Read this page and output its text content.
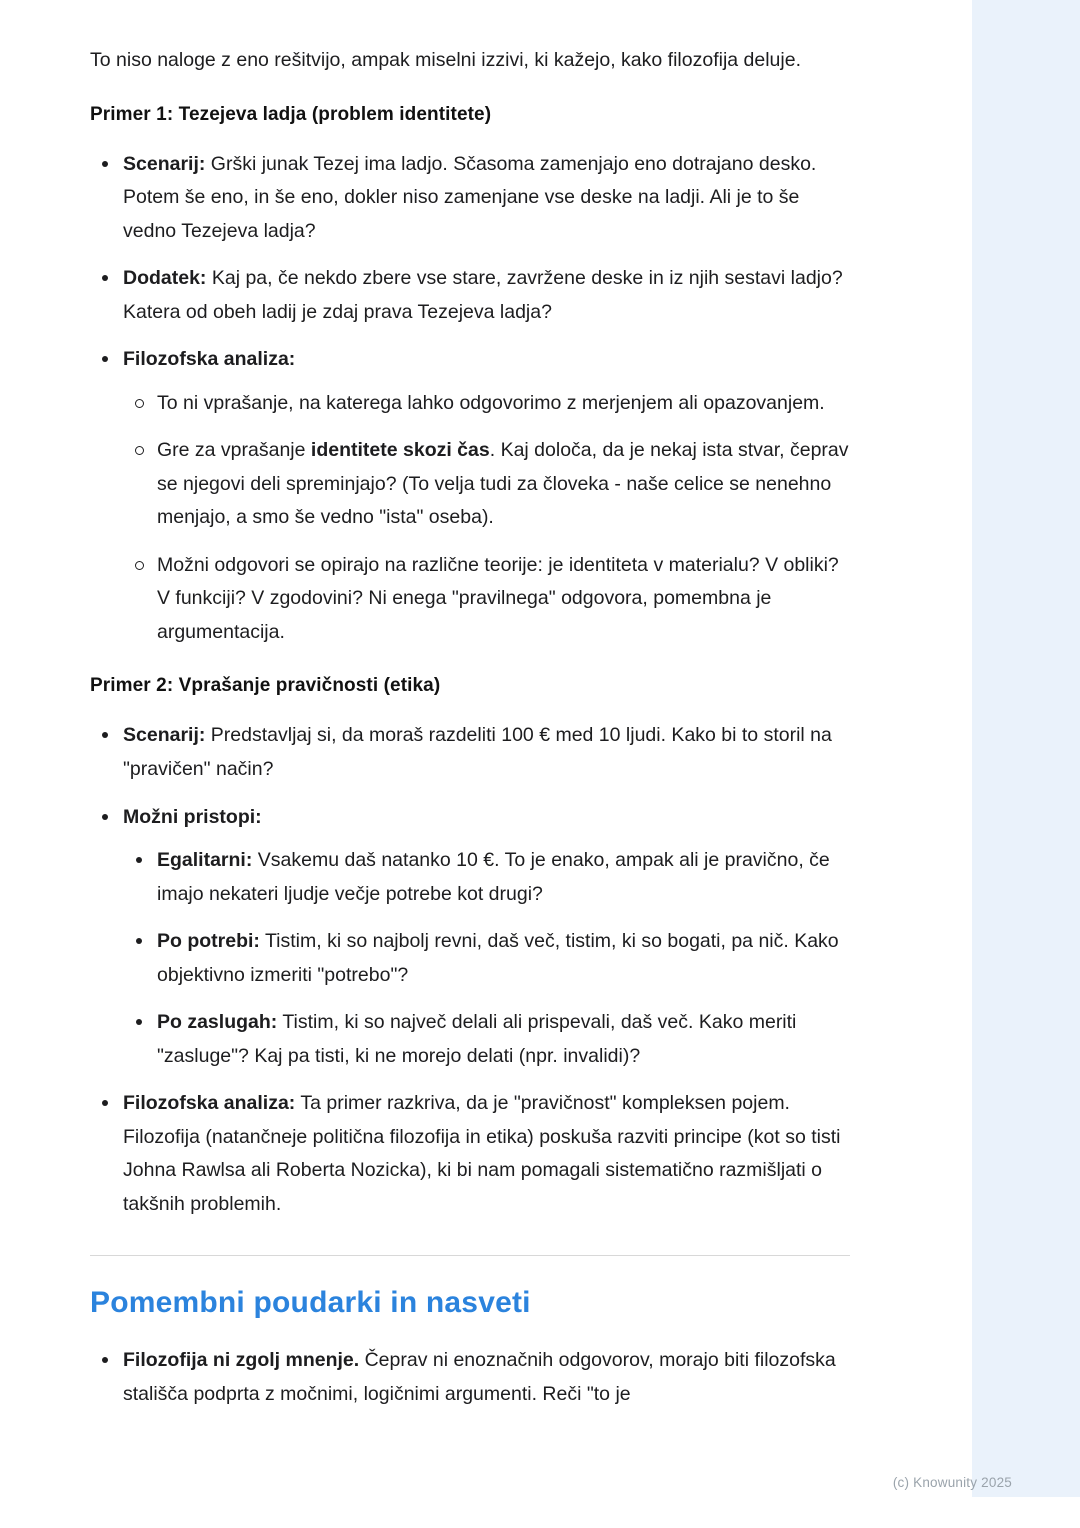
To niso naloge z eno rešitvijo, ampak miselni izzivi, ki kažejo, kako filozofija deluje.

Primer 1: Tezejeva ladja (problem identitete)
Scenarij: Grški junak Tezej ima ladjo. Sčasoma zamenjajo eno dotrajano desko. Potem še eno, in še eno, dokler niso zamenjane vse deske na ladji. Ali je to še vedno Tezejeva ladja?
Dodatek: Kaj pa, če nekdo zbere vse stare, zavržene deske in iz njih sestavi ladjo? Katera od obeh ladij je zdaj prava Tezejeva ladja?
Filozofska analiza:
To ni vprašanje, na katerega lahko odgovorimo z merjenjem ali opazovanjem.
Gre za vprašanje identitete skozi čas. Kaj določa, da je nekaj ista stvar, čeprav se njegovi deli spreminjajo? (To velja tudi za človeka - naše celice se nenehno menjajo, a smo še vedno "ista" oseba).
Možni odgovori se opirajo na različne teorije: je identiteta v materialu? V obliki? V funkciji? V zgodovini? Ni enega "pravilnega" odgovora, pomembna je argumentacija.
Primer 2: Vprašanje pravičnosti (etika)
Scenarij: Predstavljaj si, da moraš razdeliti 100 € med 10 ljudi. Kako bi to storil na "pravičen" način?
Možni pristopi:
Egalitarni: Vsakemu daš natanko 10 €. To je enako, ampak ali je pravično, če imajo nekateri ljudje večje potrebe kot drugi?
Po potrebi: Tistim, ki so najbolj revni, daš več, tistim, ki so bogati, pa nič. Kako objektivno izmeriti "potrebo"?
Po zaslugah: Tistim, ki so največ delali ali prispevali, daš več. Kako meriti "zasluge"? Kaj pa tisti, ki ne morejo delati (npr. invalidi)?
Filozofska analiza: Ta primer razkriva, da je "pravičnost" kompleksen pojem. Filozofija (natančneje politična filozofija in etika) poskuša razviti principe (kot so tisti Johna Rawlsa ali Roberta Nozicka), ki bi nam pomagali sistematično razmišljati o takšnih problemih.
Pomembni poudarki in nasveti
Filozofija ni zgolj mnenje. Čeprav ni enoznačnih odgovorov, morajo biti filozofska stališča podprta z močnimi, logičnimi argumenti. Reči "to je
(c) Knowunity 2025
